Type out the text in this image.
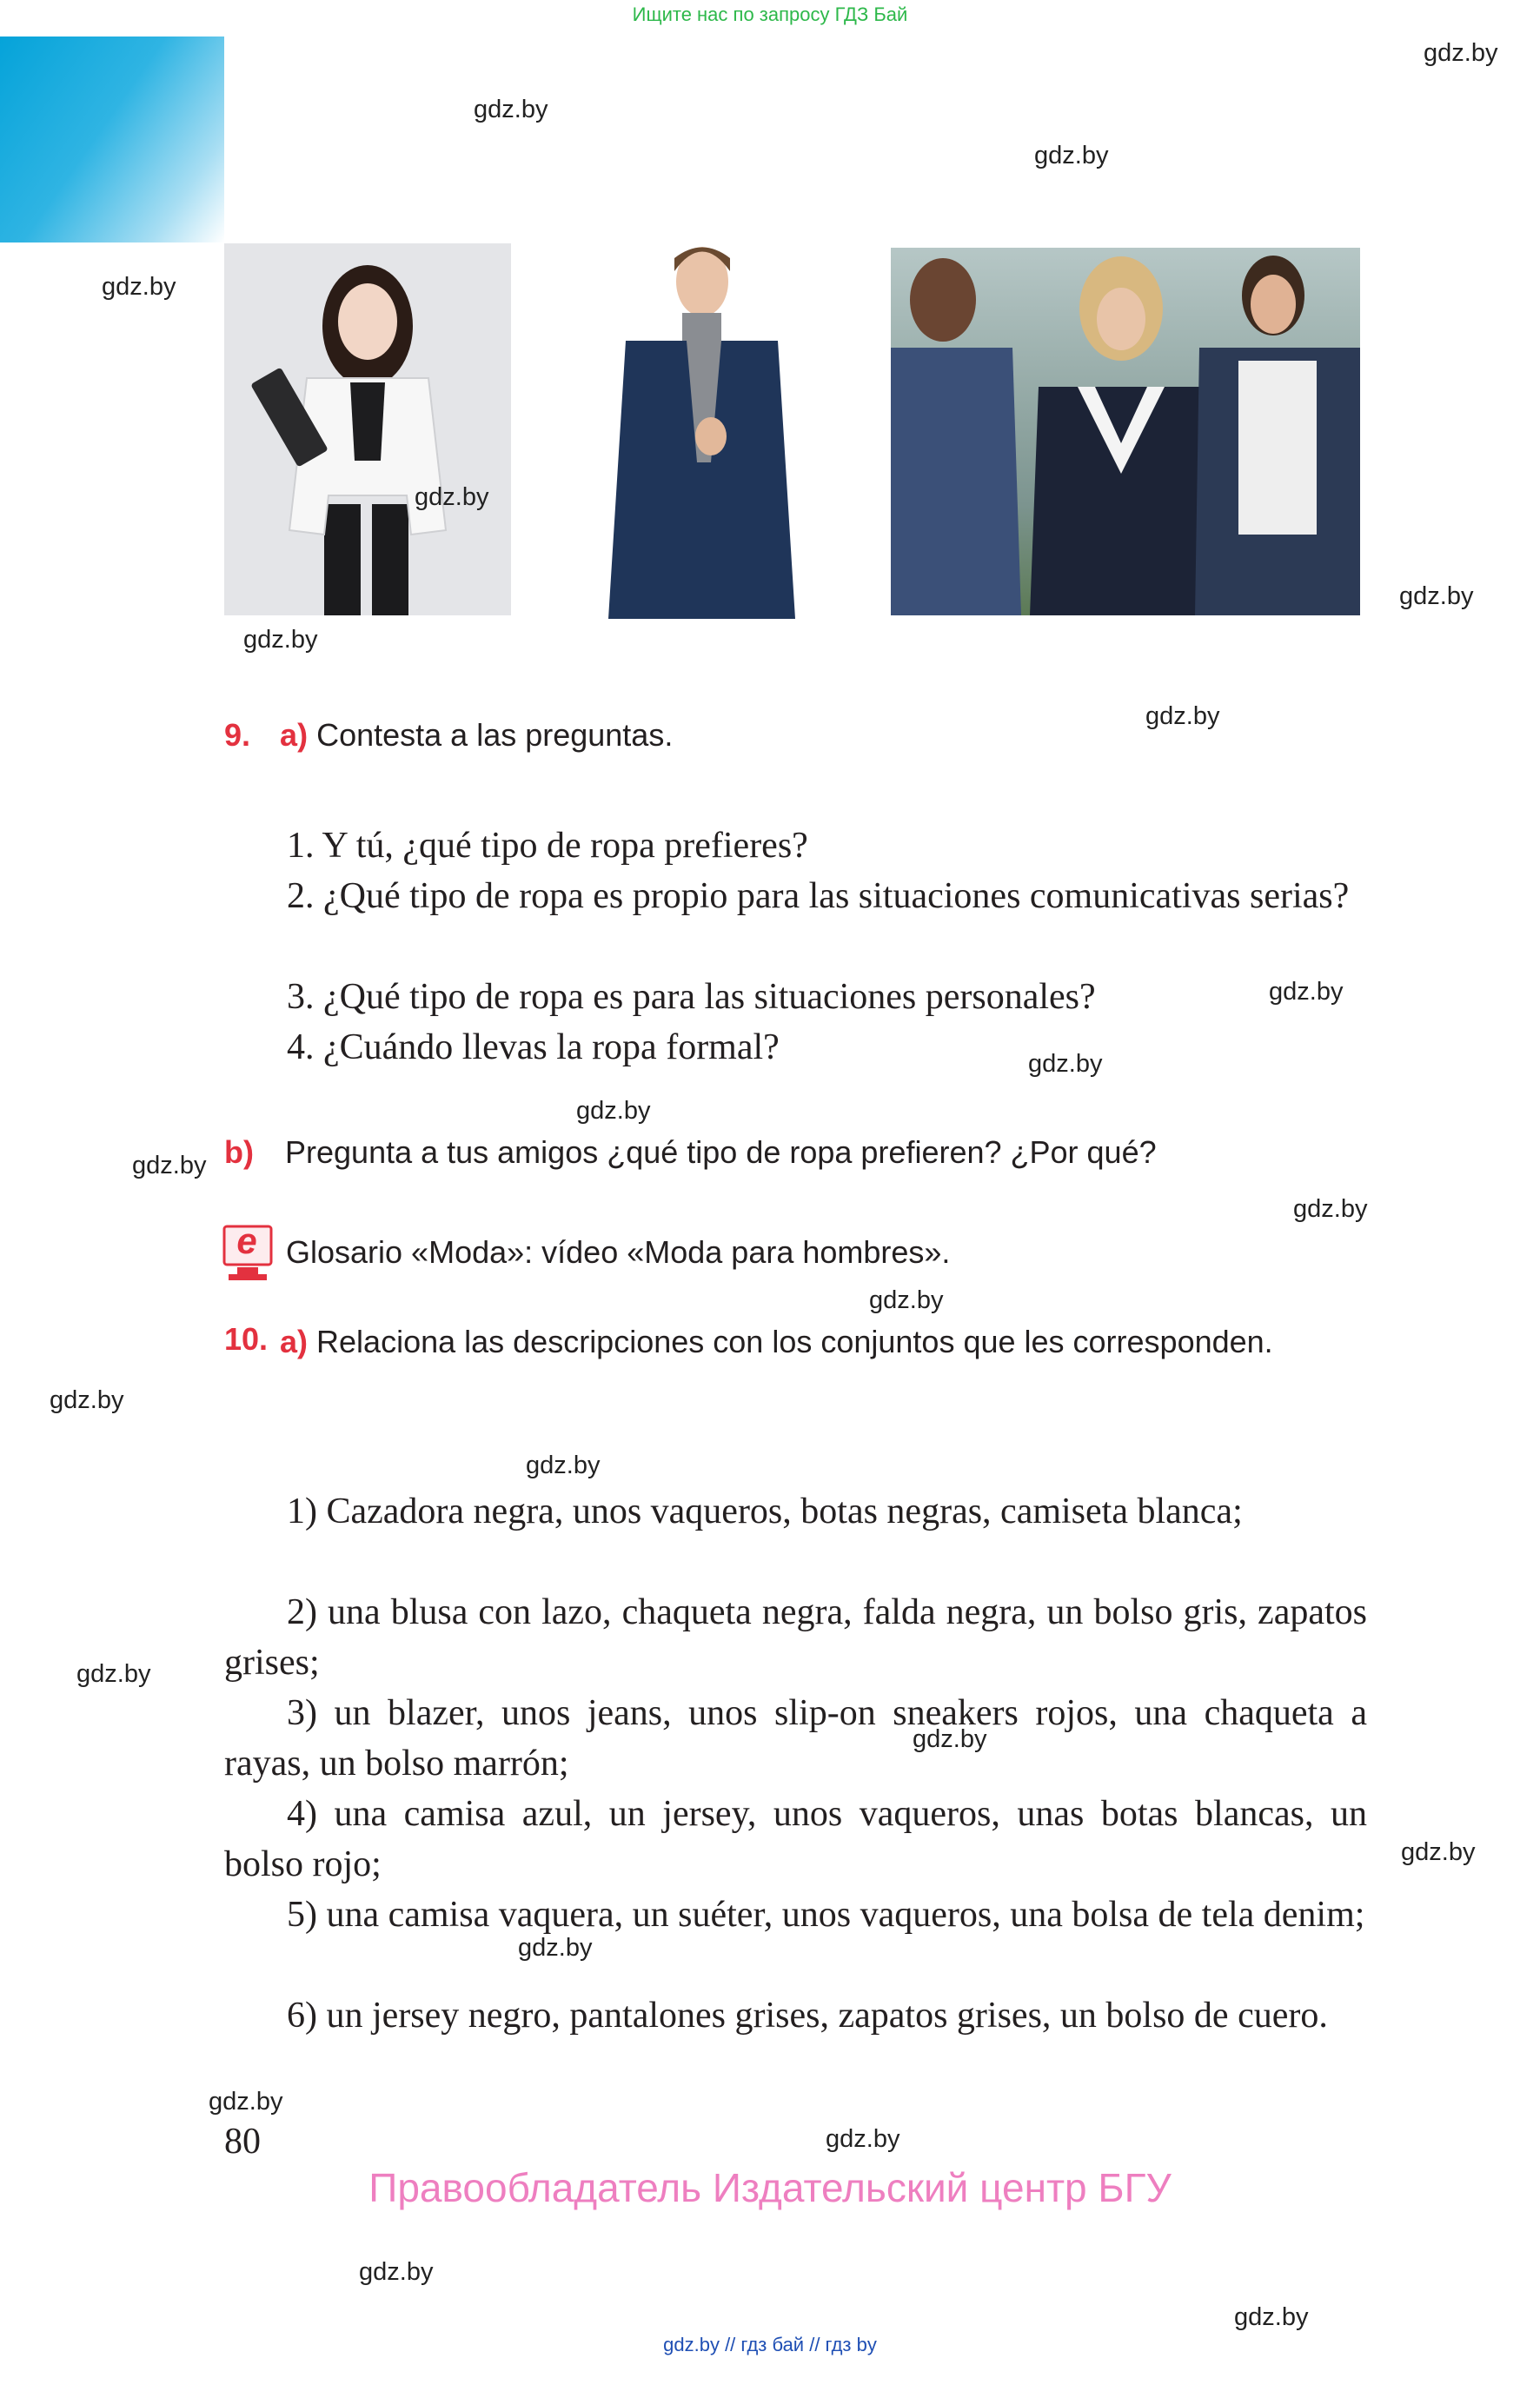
Ищите нас по запросу ГДЗ Бай
gdz.by
gdz.by
gdz.by
gdz.by
gdz.by
gdz.by
gdz.by
gdz.by
gdz.by
gdz.by
gdz.by
gdz.by
gdz.by
gdz.by
gdz.by
gdz.by
gdz.by
gdz.by
gdz.by
gdz.by
gdz.by
gdz.by
gdz.by
gdz.by
9. a) Contesta a las preguntas.
1. Y tú, ¿qué tipo de ropa prefieres?
2. ¿Qué tipo de ropa es propio para las situaciones comunicativas serias?
3. ¿Qué tipo de ropa es para las situaciones personales?
4. ¿Cuándo llevas la ropa formal?
b) Pregunta a tus amigos ¿qué tipo de ropa prefieren? ¿Por qué?
e Glosario «Moda»: vídeo «Moda para hombres».
10. a) Relaciona las descripciones con los conjuntos que les corresponden.
1) Cazadora negra, unos vaqueros, botas negras, camiseta blanca;
2) una blusa con lazo, chaqueta negra, falda negra, un bolso gris, zapatos grises;
3) un blazer, unos jeans, unos slip-on sneakers rojos, una chaqueta a rayas, un bolso marrón;
4) una camisa azul, un jersey, unos vaqueros, unas botas blancas, un bolso rojo;
5) una camisa vaquera, un suéter, unos vaqueros, una bolsa de tela denim;
6) un jersey negro, pantalones grises, zapatos grises, un bolso de cuero.
80
Правообладатель Издательский центр БГУ
gdz.by // гдз бай // гдз by
